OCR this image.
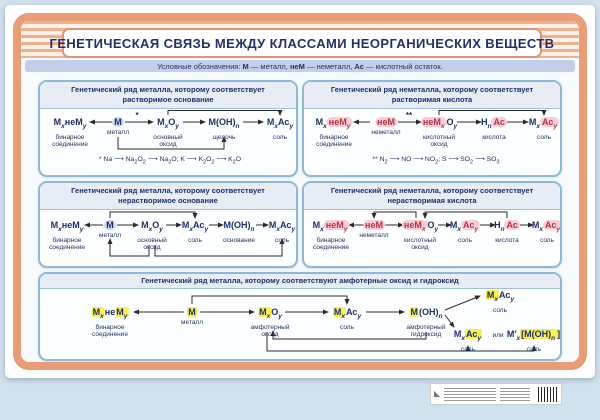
ГЕНЕТИЧЕСКАЯ СВЯЗЬ МЕЖДУ КЛАССАМИ НЕОРГАНИЧЕСКИХ ВЕЩЕСТВ
Условные обозначения: М — металл, неМ — неметалл, Ас — кислотный остаток.
Генетический ряд металла, которому соответствует растворимое основание
$М_xнеМ_y$
бинарное
соединение
М
металл
$М_xO_y$
основный
оксид
$М(OH)_n$
щелочь
$М_xАс_y$
соль
*
* Na ⟶ $Na_2O_2$ ⟶ $Na_2O$; K ⟶ $K_2O_2$ ⟶ $K_2O$
Генетический ряд неметалла, которому соответствует растворимая кислота
$М_x$ неМ$_y$
бинарное
соединение
неМ
неметалл
неМ$_x$ $O_y$
кислотный
оксид
$H_n$ Ас
кислота
$М_x$ $Ас_y$
соль
**
** $N_2$ ⟶ NO ⟶ $NO_2$; S ⟶ $SO_2$ ⟶ $SO_3$
Генетический ряд металла, которому соответствует нерастворимое основание
$М_xнеМ_y$
бинарное
соединение
М
металл
$М_xO_y$
основный
оксид
$М_xАс_y$
соль
$М(OH)_n$
основание
$М_xАс_y$
соль
Генетический ряд неметалла, которому соответствует нерастворимая кислота
$М_x$ неМ$_y$
бинарное
соединение
неМ
неметалл
неМ$_x$ $O_y$
кислотный
оксид
$М_x$ $Ас_y$
соль
$H_n$ Ас
кислота
$М_x$ $Ас_y$
соль
Генетический ряд металла, которому соответствуют амфотерные оксид и гидроксид
$М_xнеМ_y$
бинарное
соединение
М
металл
$М_xO_y$
амфотерный
оксид
$М_xАс_y$
соль
$М(OH)_n$
амфотерный
гидроксид
$М_xАс_y$
соль
$М_xАс_y$
соль
или $М'_x[М(OH)_n$ ]
соль
◣
